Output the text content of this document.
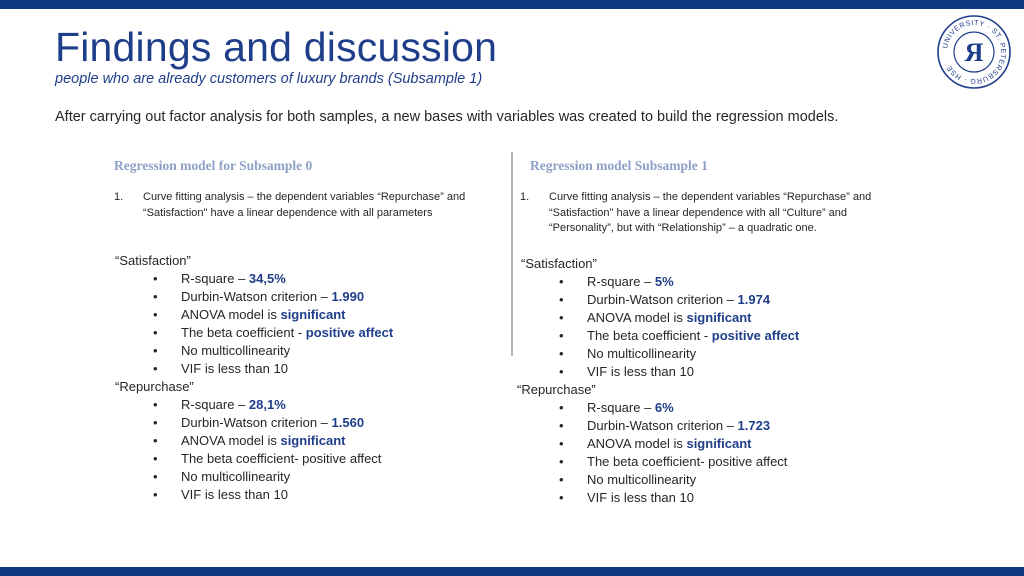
Findings and discussion
people who are already customers of luxury brands (Subsample 1)
UNIVERSITY · ST. PETERSBURG · HSE
Я
After carrying out factor analysis for both samples, a new bases with variables was created to build the regression models.
Regression model for Subsample 0
1. Curve fitting analysis – the dependent variables “Repurchase” and
“Satisfaction" have a linear dependence with all parameters
“Satisfaction”
• R-square – 34,5%
• Durbin-Watson criterion – 1.990
• ANOVA model is significant
• The beta coefficient - positive affect
• No multicollinearity
• VIF is less than 10
“Repurchase”
• R-square – 28,1%
• Durbin-Watson criterion – 1.560
• ANOVA model is significant
• The beta coefficient- positive affect
• No multicollinearity
• VIF is less than 10
Regression model Subsample 1
1. Curve fitting analysis – the dependent variables “Repurchase” and
“Satisfaction" have a linear dependence with all “Culture” and
“Personality”, but with “Relationship” – a quadratic one.
“Satisfaction”
• R-square – 5%
• Durbin-Watson criterion – 1.974
• ANOVA model is significant
• The beta coefficient - positive affect
• No multicollinearity
• VIF is less than 10
“Repurchase”
• R-square – 6%
• Durbin-Watson criterion – 1.723
• ANOVA model is significant
• The beta coefficient- positive affect
• No multicollinearity
• VIF is less than 10
